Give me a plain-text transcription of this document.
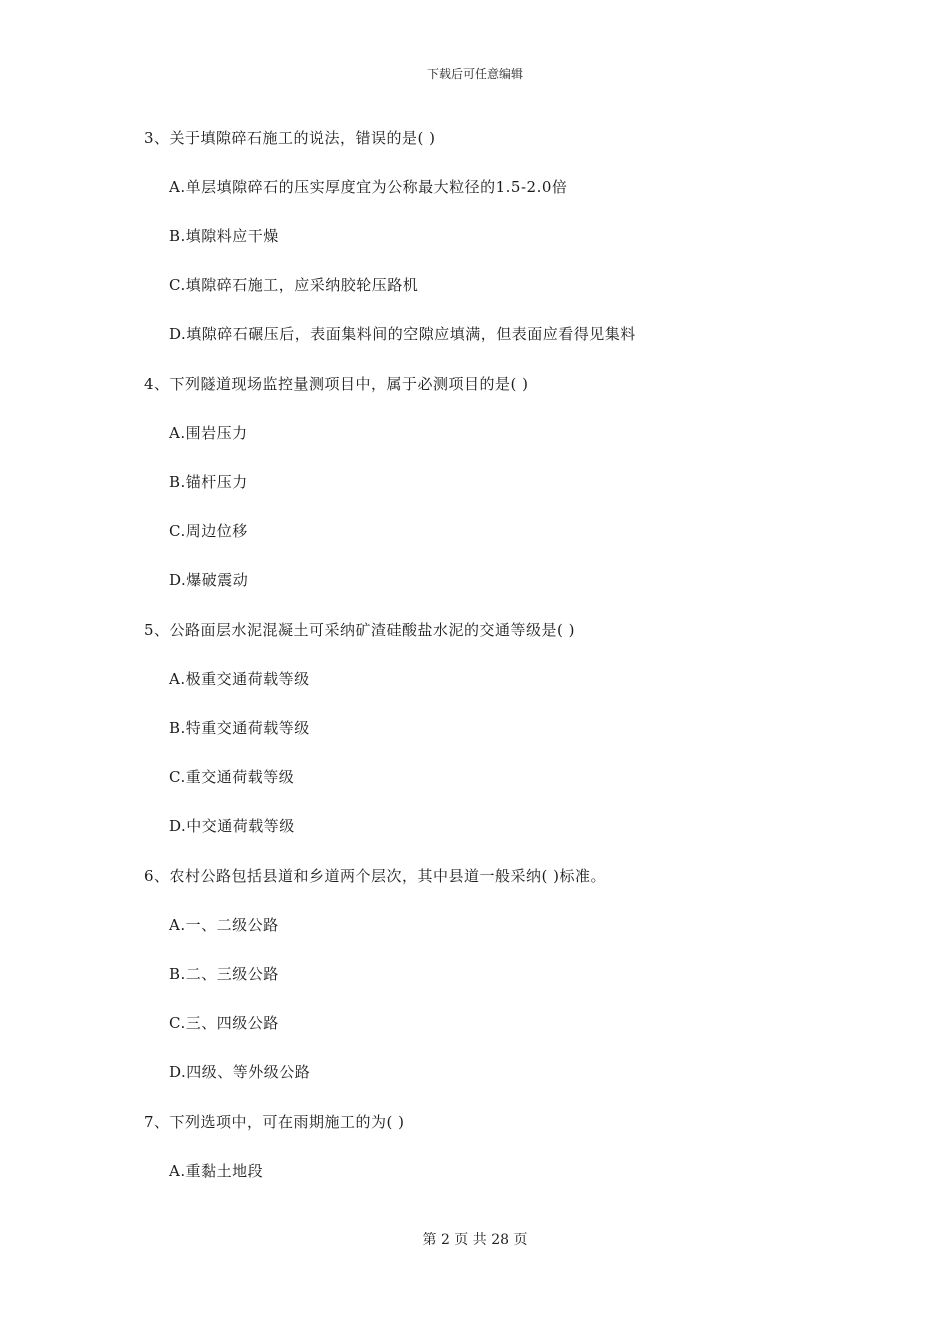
下载后可任意编辑
3、关于填隙碎石施工的说法，错误的是( )
A.单层填隙碎石的压实厚度宜为公称最大粒径的1.5-2.0倍
B.填隙料应干燥
C.填隙碎石施工，应采纳胶轮压路机
D.填隙碎石碾压后，表面集料间的空隙应填满，但表面应看得见集料
4、下列隧道现场监控量测项目中，属于必测项目的是( )
A.围岩压力
B.锚杆压力
C.周边位移
D.爆破震动
5、公路面层水泥混凝土可采纳矿渣硅酸盐水泥的交通等级是( )
A.极重交通荷载等级
B.特重交通荷载等级
C.重交通荷载等级
D.中交通荷载等级
6、农村公路包括县道和乡道两个层次，其中县道一般采纳( )标准。
A.一、二级公路
B.二、三级公路
C.三、四级公路
D.四级、等外级公路
7、下列选项中，可在雨期施工的为( )
A.重黏土地段
第 2 页 共 28 页
